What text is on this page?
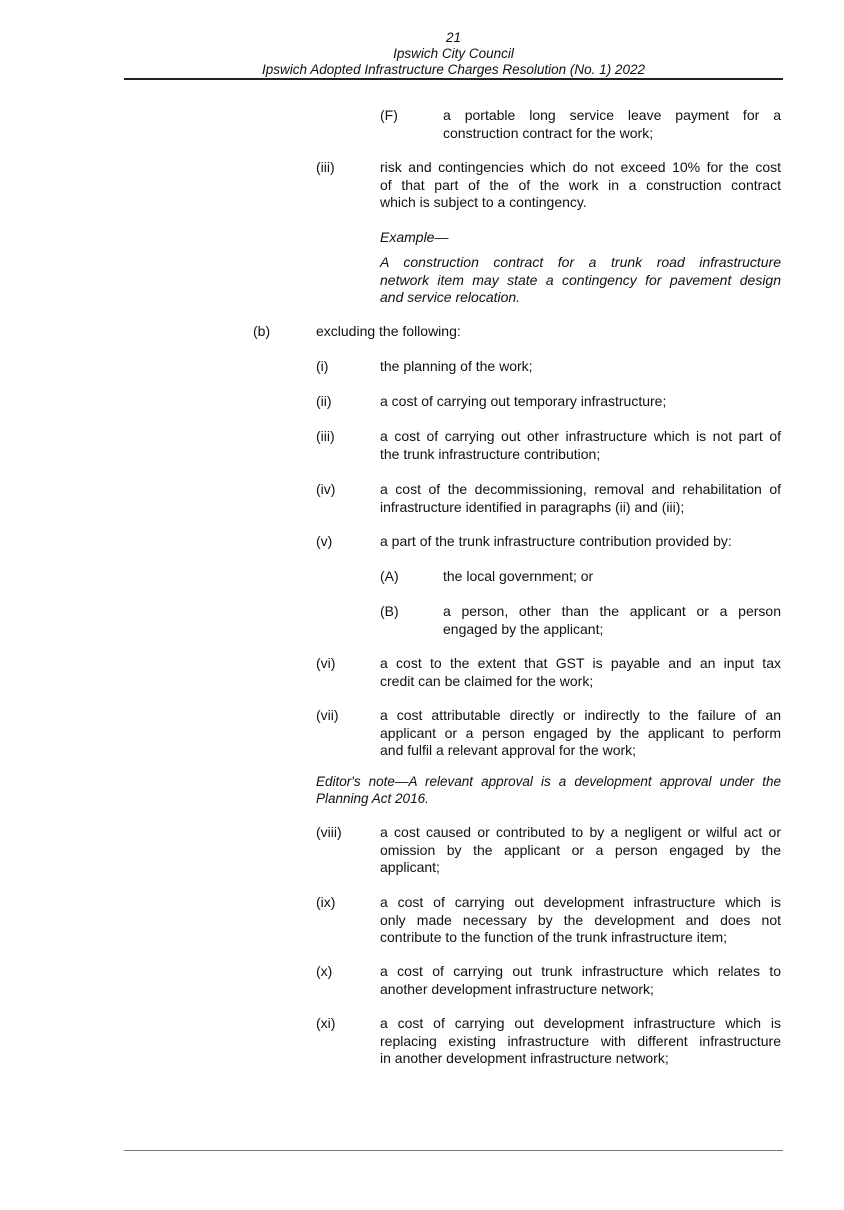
21
Ipswich City Council
Ipswich Adopted Infrastructure Charges Resolution (No. 1) 2022
(F)	a portable long service leave payment for a
construction contract for the work;
(iii)	risk and contingencies which do not exceed 10% for the cost
of that part of the of the work in a construction contract
which is subject to a contingency.
Example—
A construction contract for a trunk road infrastructure
network item may state a contingency for pavement design
and service relocation.
(b)	excluding the following:
(i)	the planning of the work;
(ii)	a cost of carrying out temporary infrastructure;
(iii)	a cost of carrying out other infrastructure which is not part of
the trunk infrastructure contribution;
(iv)	a cost of the decommissioning, removal and rehabilitation of
infrastructure identified in paragraphs (ii) and (iii);
(v)	a part of the trunk infrastructure contribution provided by:
(A)	the local government; or
(B)	a person, other than the applicant or a person
engaged by the applicant;
(vi)	a cost to the extent that GST is payable and an input tax
credit can be claimed for the work;
(vii)	a cost attributable directly or indirectly to the failure of an
applicant or a person engaged by the applicant to perform
and fulfil a relevant approval for the work;
Editor's note—A relevant approval is a development approval under the
Planning Act 2016.
(viii)	a cost caused or contributed to by a negligent or wilful act or
omission by the applicant or a person engaged by the
applicant;
(ix)	a cost of carrying out development infrastructure which is
only made necessary by the development and does not
contribute to the function of the trunk infrastructure item;
(x)	a cost of carrying out trunk infrastructure which relates to
another development infrastructure network;
(xi)	a cost of carrying out development infrastructure which is
replacing existing infrastructure with different infrastructure
in another development infrastructure network;
